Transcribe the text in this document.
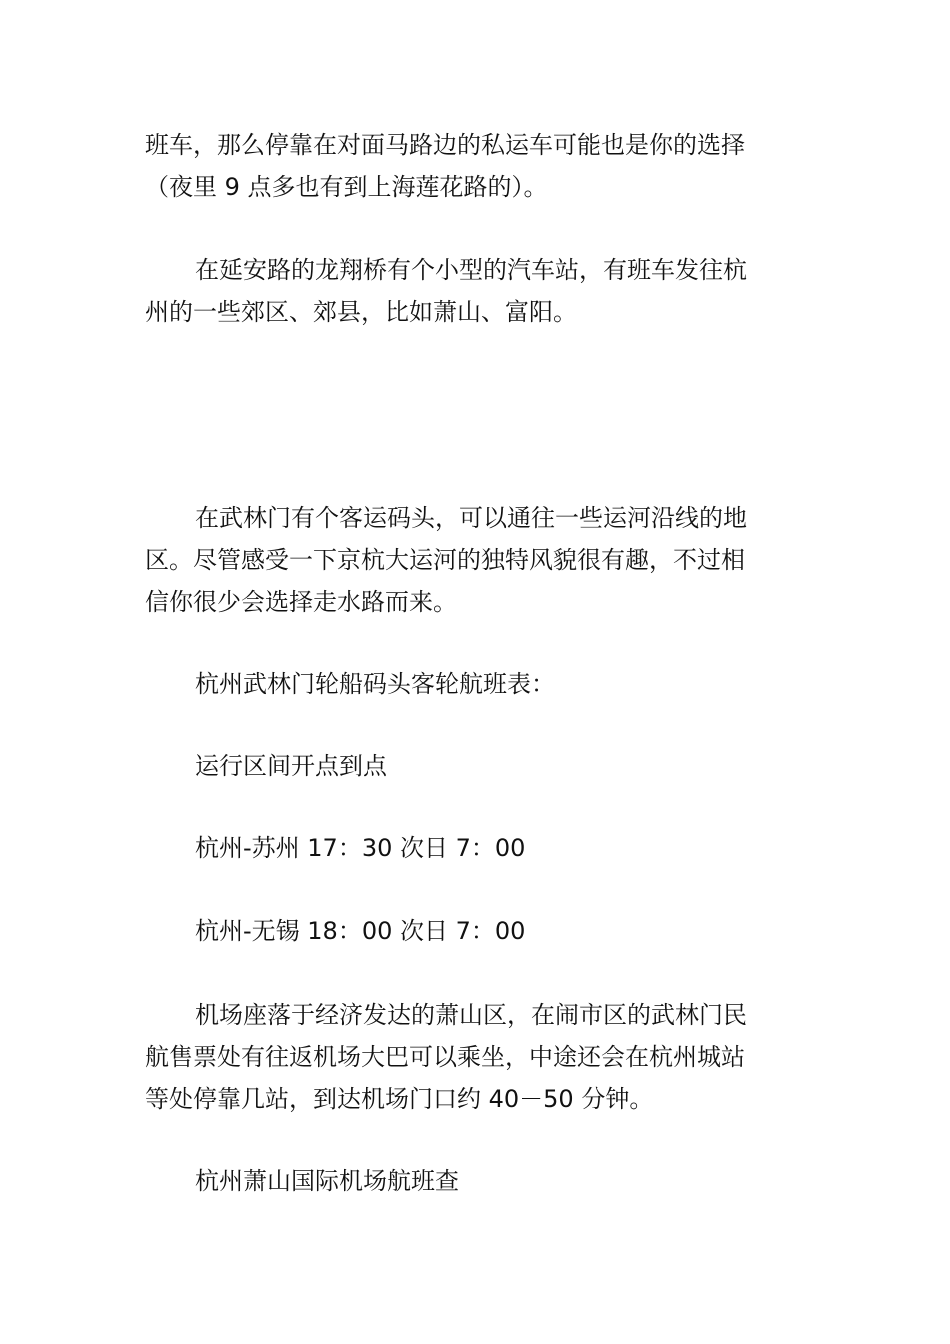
班车，那么停靠在对面马路边的私运车可能也是你的选择
（夜里 9 点多也有到上海莲花路的）。
在延安路的龙翔桥有个小型的汽车站，有班车发往杭
州的一些郊区、郊县，比如萧山、富阳。
在武林门有个客运码头，可以通往一些运河沿线的地
区。尽管感受一下京杭大运河的独特风貌很有趣，不过相
信你很少会选择走水路而来。
杭州武林门轮船码头客轮航班表：
运行区间开点到点
杭州-苏州 17：30 次日 7：00
杭州-无锡 18：00 次日 7：00
机场座落于经济发达的萧山区，在闹市区的武林门民
航售票处有往返机场大巴可以乘坐，中途还会在杭州城站
等处停靠几站，到达机场门口约 40－50 分钟。
杭州萧山国际机场航班查
